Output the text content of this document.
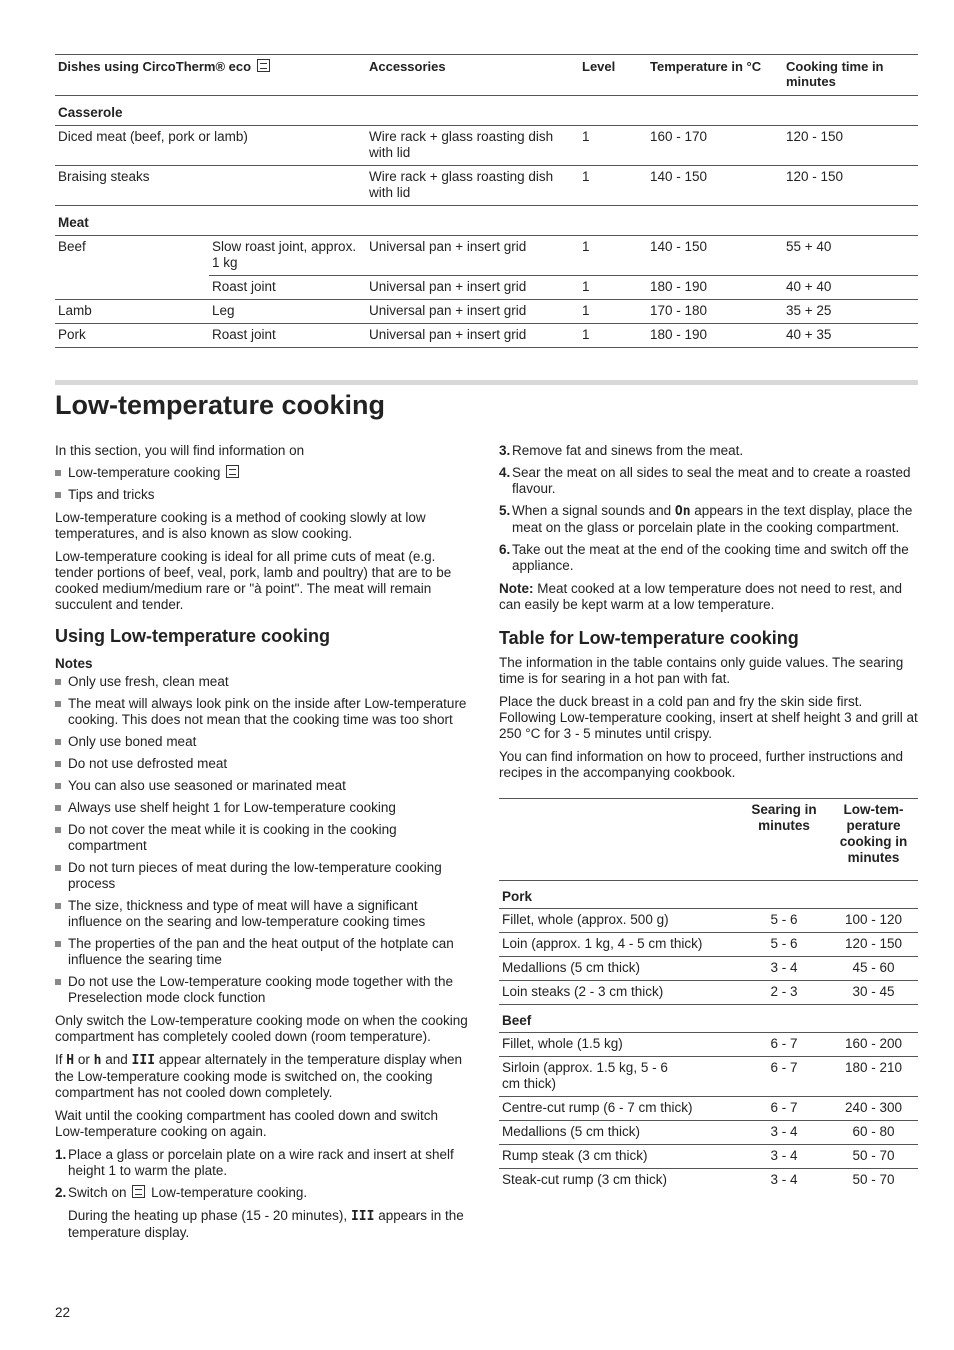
Dishes using CircoTherm® eco		Accessories	Level	Temperature in °C	Cooking time in minutes
Casserole					
Diced meat (beef, pork or lamb)		Wire rack + glass roasting dish with lid	1	160 - 170	120 - 150
Braising steaks		Wire rack + glass roasting dish with lid	1	140 - 150	120 - 150
Meat					
Beef	Slow roast joint, approx. 1 kg	Universal pan + insert grid	1	140 - 150	55 + 40
	Roast joint	Universal pan + insert grid	1	180 - 190	40 + 40
Lamb	Leg	Universal pan + insert grid	1	170 - 180	35 + 25
Pork	Roast joint	Universal pan + insert grid	1	180 - 190	40 + 35
Low-temperature cooking

In this section, you will find information on

Low-temperature cooking
Tips and tricks

Low-temperature cooking is a method of cooking slowly at low temperatures, and is also known as slow cooking.

Low-temperature cooking is ideal for all prime cuts of meat (e.g. tender portions of beef, veal, pork, lamb and poultry) that are to be cooked medium/medium rare or "à point". The meat will remain succulent and tender.

Using Low-temperature cooking
Notes
Only use fresh, clean meat
The meat will always look pink on the inside after Low-temperature cooking. This does not mean that the cooking time was too short
Only use boned meat
Do not use defrosted meat
You can also use seasoned or marinated meat
Always use shelf height 1 for Low-temperature cooking
Do not cover the meat while it is cooking in the cooking compartment
Do not turn pieces of meat during the low-temperature cooking process
The size, thickness and type of meat will have a significant influence on the searing and low-temperature cooking times
The properties of the pan and the heat output of the hotplate can influence the searing time
Do not use the Low-temperature cooking mode together with the Preselection mode clock function

Only switch the Low-temperature cooking mode on when the cooking compartment has completely cooled down (room temperature).

If H or h and III appear alternately in the temperature display when the Low-temperature cooking mode is switched on, the cooking compartment has not cooled down completely.

Wait until the cooking compartment has cooled down and switch Low-temperature cooking on again.

1. Place a glass or porcelain plate on a wire rack and insert at shelf height 1 to warm the plate.
2. Switch on Low-temperature cooking.

During the heating up phase (15 - 20 minutes), III appears in the temperature display.

3. Remove fat and sinews from the meat.
4. Sear the meat on all sides to seal the meat and to create a roasted flavour.
5. When a signal sounds and On appears in the text display, place the meat on the glass or porcelain plate in the cooking compartment.
6. Take out the meat at the end of the cooking time and switch off the appliance.

Note: Meat cooked at a low temperature does not need to rest, and can easily be kept warm at a low temperature.

Table for Low-temperature cooking

The information in the table contains only guide values. The searing time is for searing in a hot pan with fat.

Place the duck breast in a cold pan and fry the skin side first. Following Low-temperature cooking, insert at shelf height 3 and grill at 250 °C for 3 - 5 minutes until crispy.

You can find information on how to proceed, further instructions and recipes in the accompanying cookbook.

	Searing in minutes	Low-tem-perature cooking in minutes
Pork		
Fillet, whole (approx. 500 g)	5 - 6	100 - 120
Loin (approx. 1 kg, 4 - 5 cm thick)	5 - 6	120 - 150
Medallions (5 cm thick)	3 - 4	45 - 60
Loin steaks (2 - 3 cm thick)	2 - 3	30 - 45
Beef		
Fillet, whole (1.5 kg)	6 - 7	160 - 200
Sirloin (approx. 1.5 kg, 5 - 6 cm thick)	6 - 7	180 - 210
Centre-cut rump (6 - 7 cm thick)	6 - 7	240 - 300
Medallions (5 cm thick)	3 - 4	60 - 80
Rump steak (3 cm thick)	3 - 4	50 - 70
Steak-cut rump (3 cm thick)	3 - 4	50 - 70
22
